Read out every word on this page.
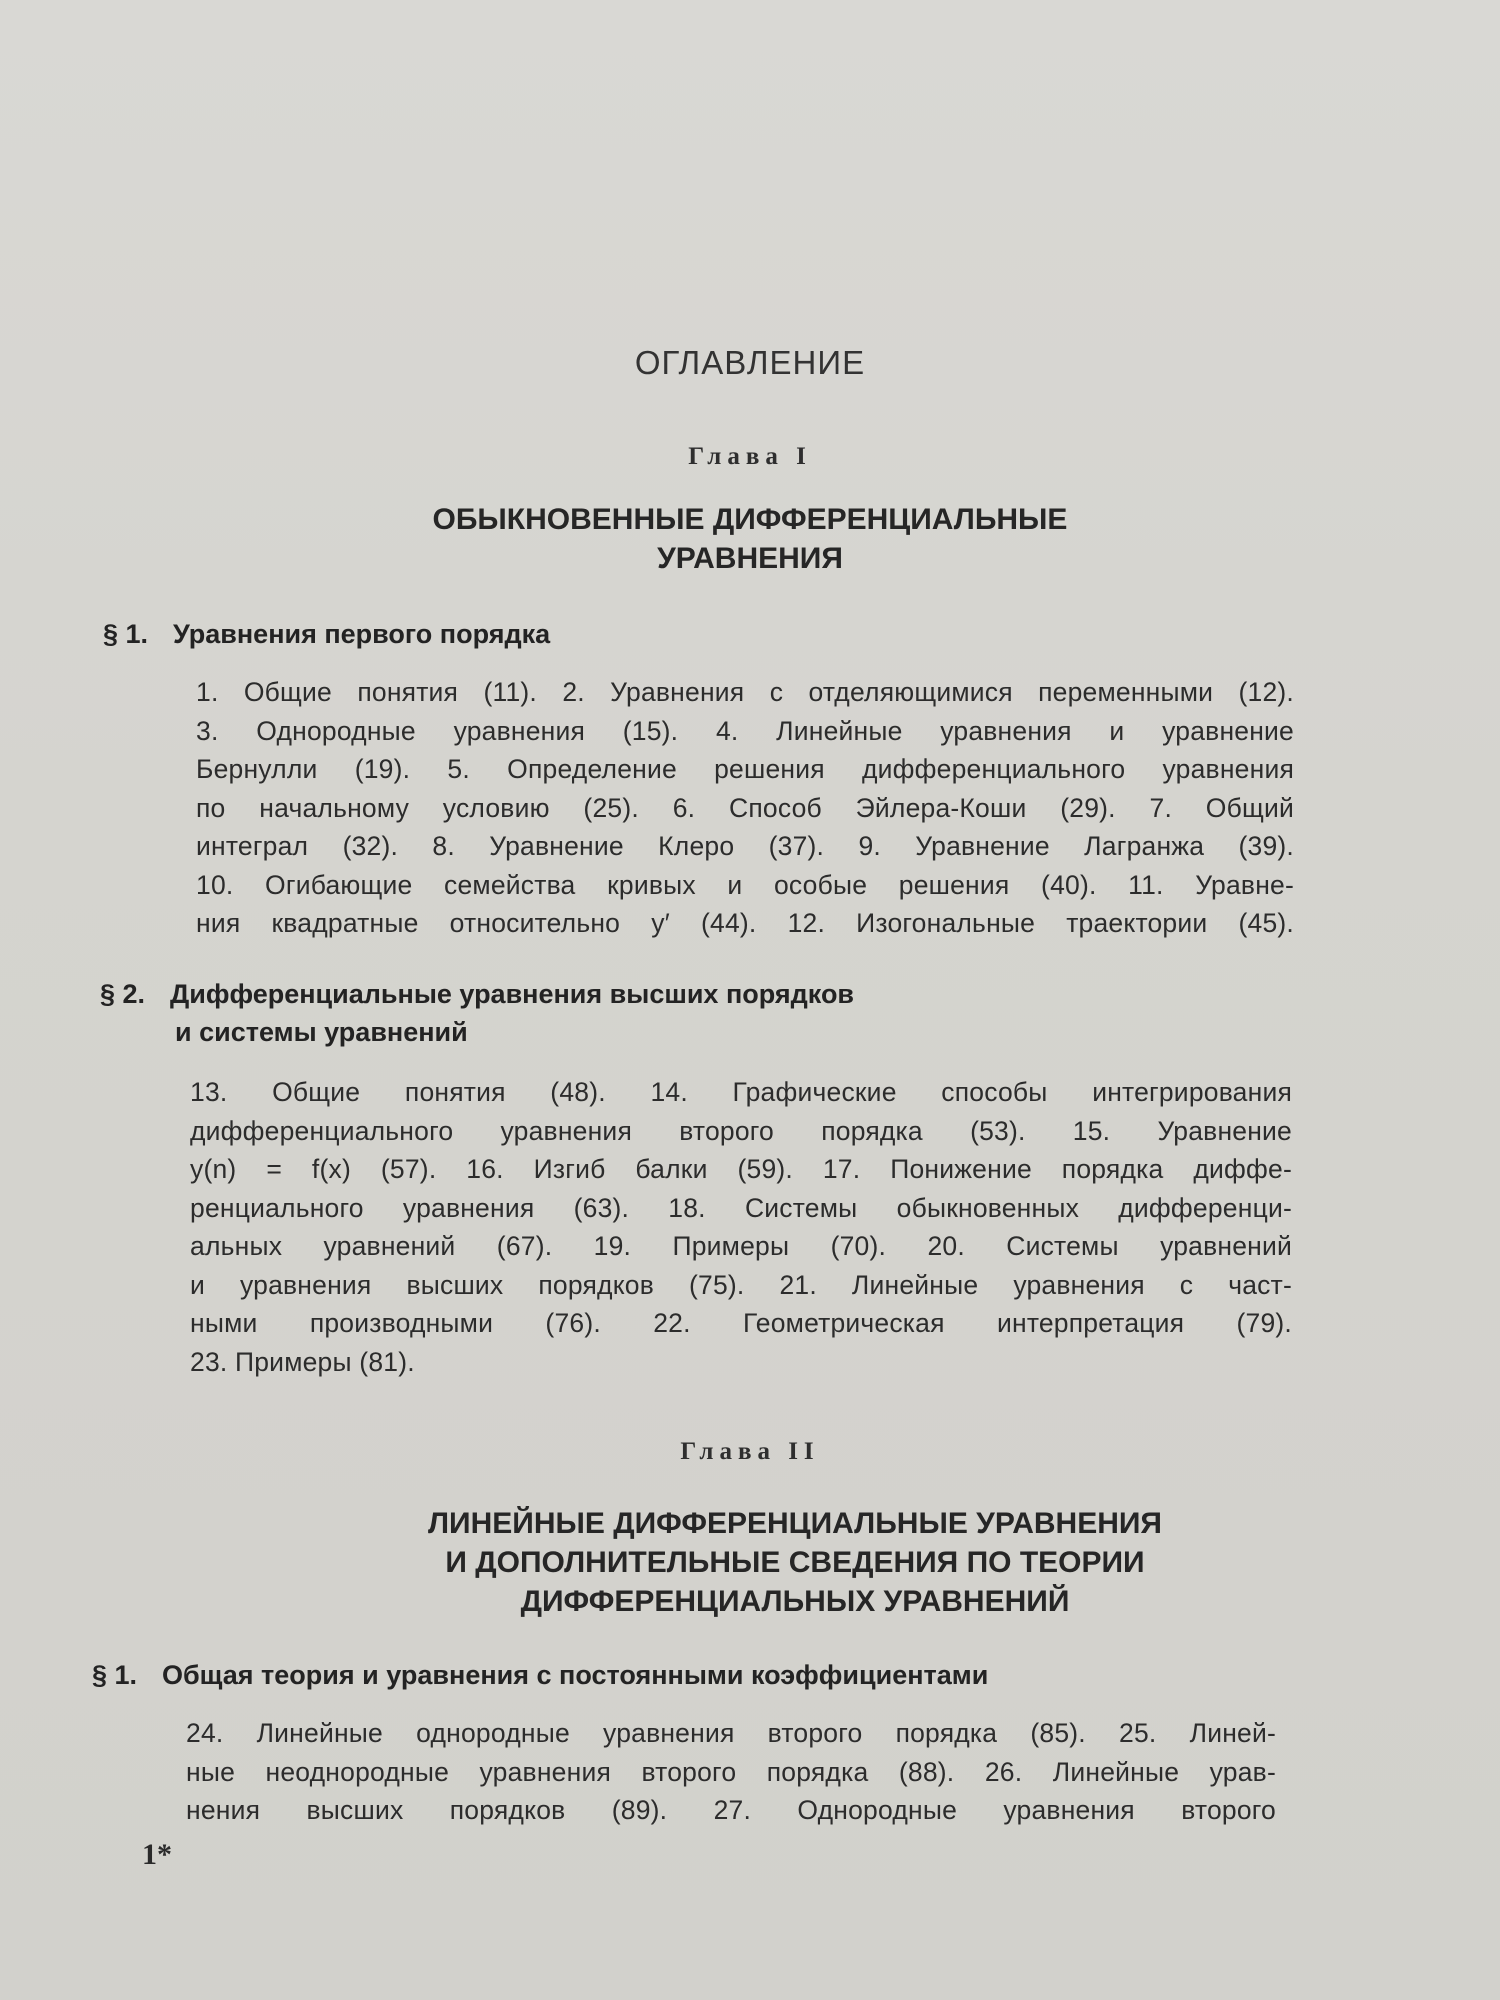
ОГЛАВЛЕНИЕ
Глава I
ОБЫКНОВЕННЫЕ ДИФФЕРЕНЦИАЛЬНЫЕ
УРАВНЕНИЯ
§ 1. Уравнения первого порядка
1. Общие понятия (11). 2. Уравнения с отделяющимися переменными (12).
3. Однородные уравнения (15). 4. Линейные уравнения и уравнение
Бернулли (19). 5. Определение решения дифференциального уравнения
по начальному условию (25). 6. Способ Эйлера-Коши (29). 7. Общий
интеграл (32). 8. Уравнение Клеро (37). 9. Уравнение Лагранжа (39).
10. Огибающие семейства кривых и особые решения (40). 11. Уравне-
ния квадратные относительно y′ (44). 12. Изогональные траектории (45).
§ 2. Дифференциальные уравнения высших порядков
и системы уравнений
13. Общие понятия (48). 14. Графические способы интегрирования
дифференциального уравнения второго порядка (53). 15. Уравнение
y(n) = f(x) (57). 16. Изгиб балки (59). 17. Понижение порядка диффе-
ренциального уравнения (63). 18. Системы обыкновенных дифференци-
альных уравнений (67). 19. Примеры (70). 20. Системы уравнений
и уравнения высших порядков (75). 21. Линейные уравнения с част-
ными производными (76). 22. Геометрическая интерпретация (79).
23. Примеры (81).
Глава II
ЛИНЕЙНЫЕ ДИФФЕРЕНЦИАЛЬНЫЕ УРАВНЕНИЯ
И ДОПОЛНИТЕЛЬНЫЕ СВЕДЕНИЯ ПО ТЕОРИИ
ДИФФЕРЕНЦИАЛЬНЫХ УРАВНЕНИЙ
§ 1. Общая теория и уравнения с постоянными коэффициентами
24. Линейные однородные уравнения второго порядка (85). 25. Линей-
ные неоднородные уравнения второго порядка (88). 26. Линейные урав-
нения высших порядков (89). 27. Однородные уравнения второго
1*
